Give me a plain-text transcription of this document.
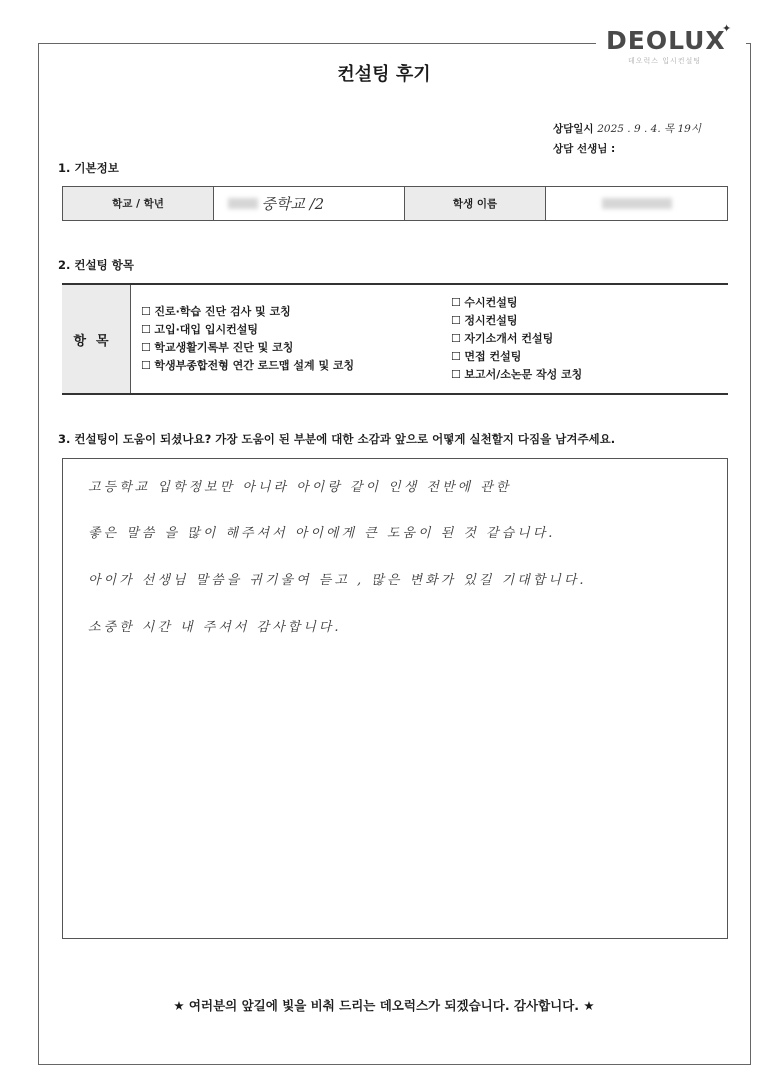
DEOLUX
✦
데오럭스 입시컨설팅
컨설팅 후기
상담일시 2025 . 9 . 4. 목 19시
상담 선생님 :
1. 기본정보
학교 / 학년	중학교 /2	학생 이름	
2. 컨설팅 항목
항목	
☐ 진로·학습 진단 검사 및 코칭
☐ 고입·대입 입시컨설팅
☐ 학교생활기록부 진단 및 코칭
☐ 학생부종합전형 연간 로드맵 설계 및 코칭

☐ 수시컨설팅
☐ 정시컨설팅
☐ 자기소개서 컨설팅
☐ 면접 컨설팅
☐ 보고서/소논문 작성 코칭
3. 컨설팅이 도움이 되셨나요? 가장 도움이 된 부분에 대한 소감과 앞으로 어떻게 실천할지 다짐을 남겨주세요.
고등학교 입학정보만 아니라 아이랑 같이 인생 전반에 관한
좋은 말씀 을 많이 해주셔서 아이에게 큰 도움이 된 것 같습니다.
아이가 선생님 말씀을 귀기울여 듣고 , 많은 변화가 있길 기대합니다.
소중한 시간 내 주셔서 감사합니다.
★ 여러분의 앞길에 빛을 비춰 드리는 데오럭스가 되겠습니다. 감사합니다. ★
